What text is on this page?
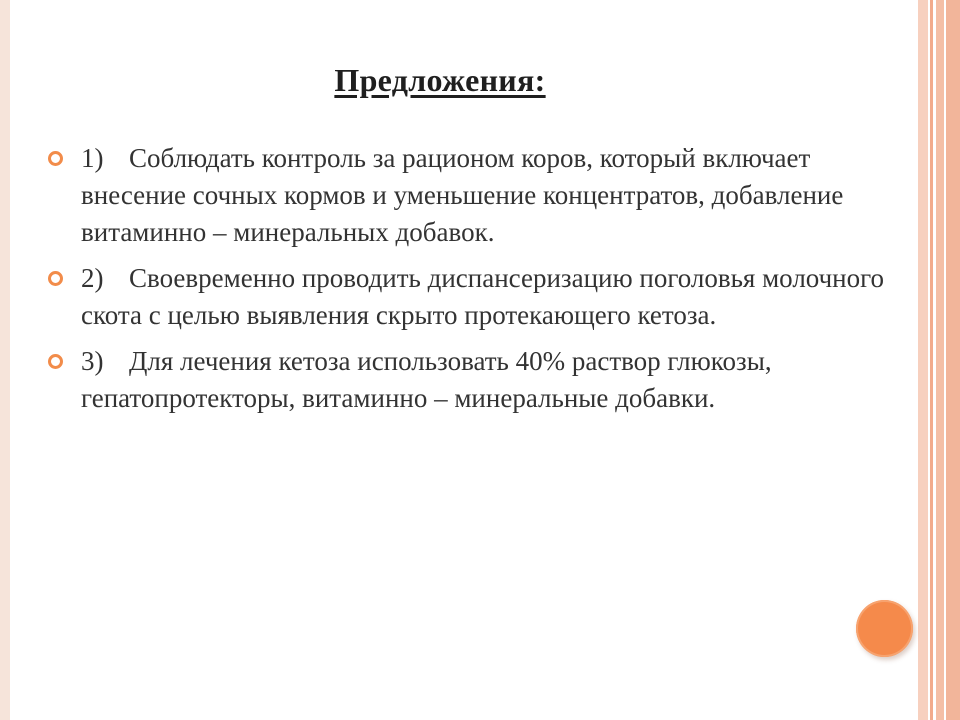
Предложения:
1) Соблюдать контроль за рационом коров, который включает внесение сочных кормов и уменьшение концентратов, добавление витаминно – минеральных добавок.
2) Своевременно проводить диспансеризацию поголовья молочного скота с целью выявления скрыто протекающего кетоза.
3) Для лечения кетоза использовать 40% раствор глюкозы, гепатопротекторы, витаминно – минеральные добавки.
